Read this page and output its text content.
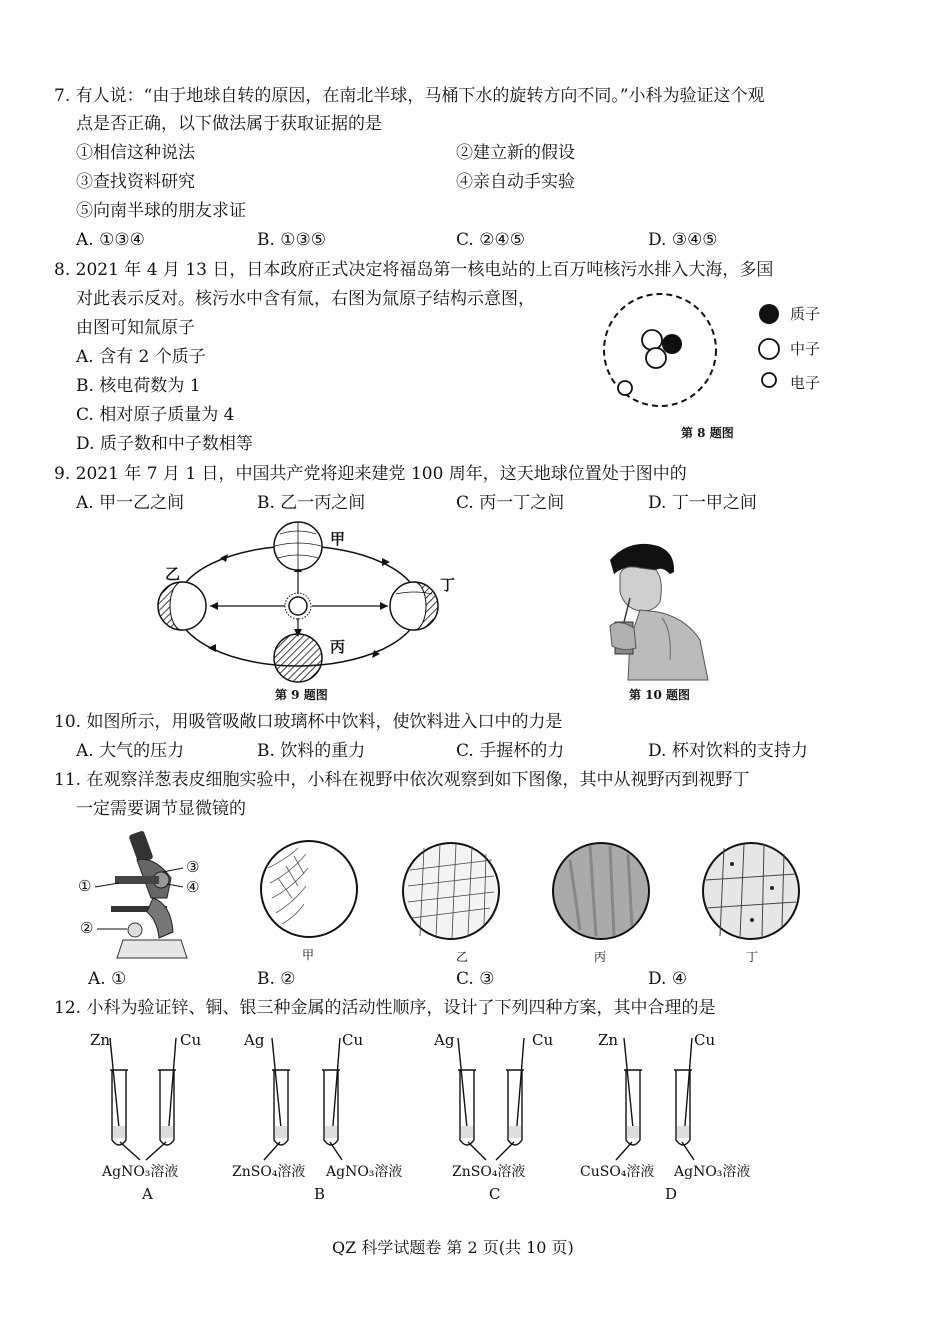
7. 有人说：“由于地球自转的原因，在南北半球，马桶下水的旋转方向不同。”小科为验证这个观
点是否正确，以下做法属于获取证据的是
①相信这种说法	②建立新的假设
③查找资料研究	④亲自动手实验
⑤向南半球的朋友求证
A. ①③④	B. ①③⑤	C. ②④⑤	D. ③④⑤
8. 2021 年 4 月 13 日，日本政府正式决定将福岛第一核电站的上百万吨核污水排入大海，多国
对此表示反对。核污水中含有氚，右图为氚原子结构示意图，
由图可知氚原子
A. 含有 2 个质子
B. 核电荷数为 1
C. 相对原子质量为 4
D. 质子数和中子数相等
质子
中子
电子
第 8 题图
9. 2021 年 7 月 1 日，中国共产党将迎来建党 100 周年，这天地球位置处于图中的
A. 甲一乙之间	B. 乙一丙之间	C. 丙一丁之间	D. 丁一甲之间
甲
乙
丙
丁
第 9 题图	第 10 题图
10. 如图所示，用吸管吸敞口玻璃杯中饮料，使饮料进入口中的力是
A. 大气的压力	B. 饮料的重力	C. 手握杯的力	D. 杯对饮料的支持力
11. 在观察洋葱表皮细胞实验中，小科在视野中依次观察到如下图像，其中从视野丙到视野丁
一定需要调节显微镜的
①
②
③
④
甲	乙	丙	丁
A. ①	B. ②	C. ③	D. ④
12. 小科为验证锌、铜、银三种金属的活动性顺序，设计了下列四种方案，其中合理的是
Zn	Cu	Ag	Cu	Ag	Cu	Zn	Cu
AgNO₃溶液	ZnSO₄溶液 AgNO₃溶液	ZnSO₄溶液	CuSO₄溶液 AgNO₃溶液
A	B	C	D
QZ 科学试题卷 第 2 页(共 10 页)
